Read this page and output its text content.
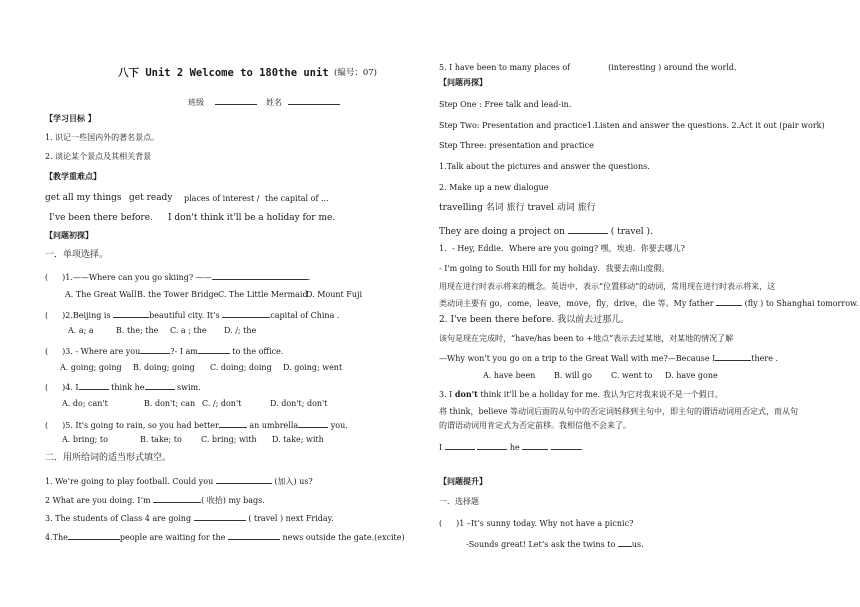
八下 Unit 2 Welcome to 180the unit (编号：07)
班级	姓名
【学习目标 】
1. 识记一些国内外的著名景点。
2. 谈论某个景点及其相关背景
【教学重难点】
get all my things get ready places of interest / the capital of ...
I've been there before. I don't think it'll be a holiday for me.
【问题初探】
一．单项选择。
( )1.——Where can you go skiing? ——	.
A. The Great Wall B. the Tower Bridge C. The Little Mermaid
D. Mount Fuji
( )2.Beijing is	beautiful city. It’s	capital of China .
A. a; a	B. the; the C. a ; the D. /; the
( )3. - Where are you	?- I am	to the office.
A. going; going B. doing; going C. doing; doing D. going; went
( )4. I	think he	swim.
A. do; can't	B. don't; can C. /; don't	D. don't; don't
( )5. It's going to rain, so you had better	an umbrella	you.
A. bring; to	B. take; to C. bring; with D. take; with
二．用所给词的适当形式填空。
1. We’re going to play football. Could you	(加入) us?
2 What are you doing. I’m	( 收拾) my bags.
3. The students of Class 4 are going	( travel ) next Friday.
4.The	people are waiting for the	news outside the gate.(excite)
5. I have been to many places of	(interesting ) around the world.
【问题再探】
Step One : Free talk and lead-in.
Step Two: Presentation and practice1.Listen and answer the questions. 2.Act it out (pair work)
Step Three: presentation and practice
1.Talk about the pictures and answer the questions.
2. Make up a new dialogue
travelling 名词 旅行 travel 动词 旅行
They are doing a project on	( travel ).
1．- Hey, Eddie．Where are you going? 嘿，埃迪．你要去哪儿?
- I'm going to South Hill for my holiday．我要去南山度假。
用现在进行时表示将来的概念。英语中，表示“位置移动”的动词，常用现在进行时表示将来，这
类动词主要有 go，come，leave，move，fly，drive，die 等。My father	(fly ) to Shanghai tomorrow.
2. I've been there before. 我以前去过那儿。
该句是现在完成时，“have/has been to +地点”表示去过某地，对某地的情况了解
—Why won’t you go on a trip to the Great Wall with me?—Because I	there .
A. have been B. will go C. went to D. have gone
3. I don't think it'll be a holiday for me. 我认为它对我来说不是一个假日。
将 think，believe 等动词后面的从句中的否定词转移到主句中，即主句的谓语动词用否定式，而从句
的谓语动词用肯定式为否定前移。我相信他不会来了。
I	he	.
【问题提升】
一．选择题
( )1 –It’s sunny today. Why not have a picnic?
-Sounds great! Let’s ask the twins to us.
